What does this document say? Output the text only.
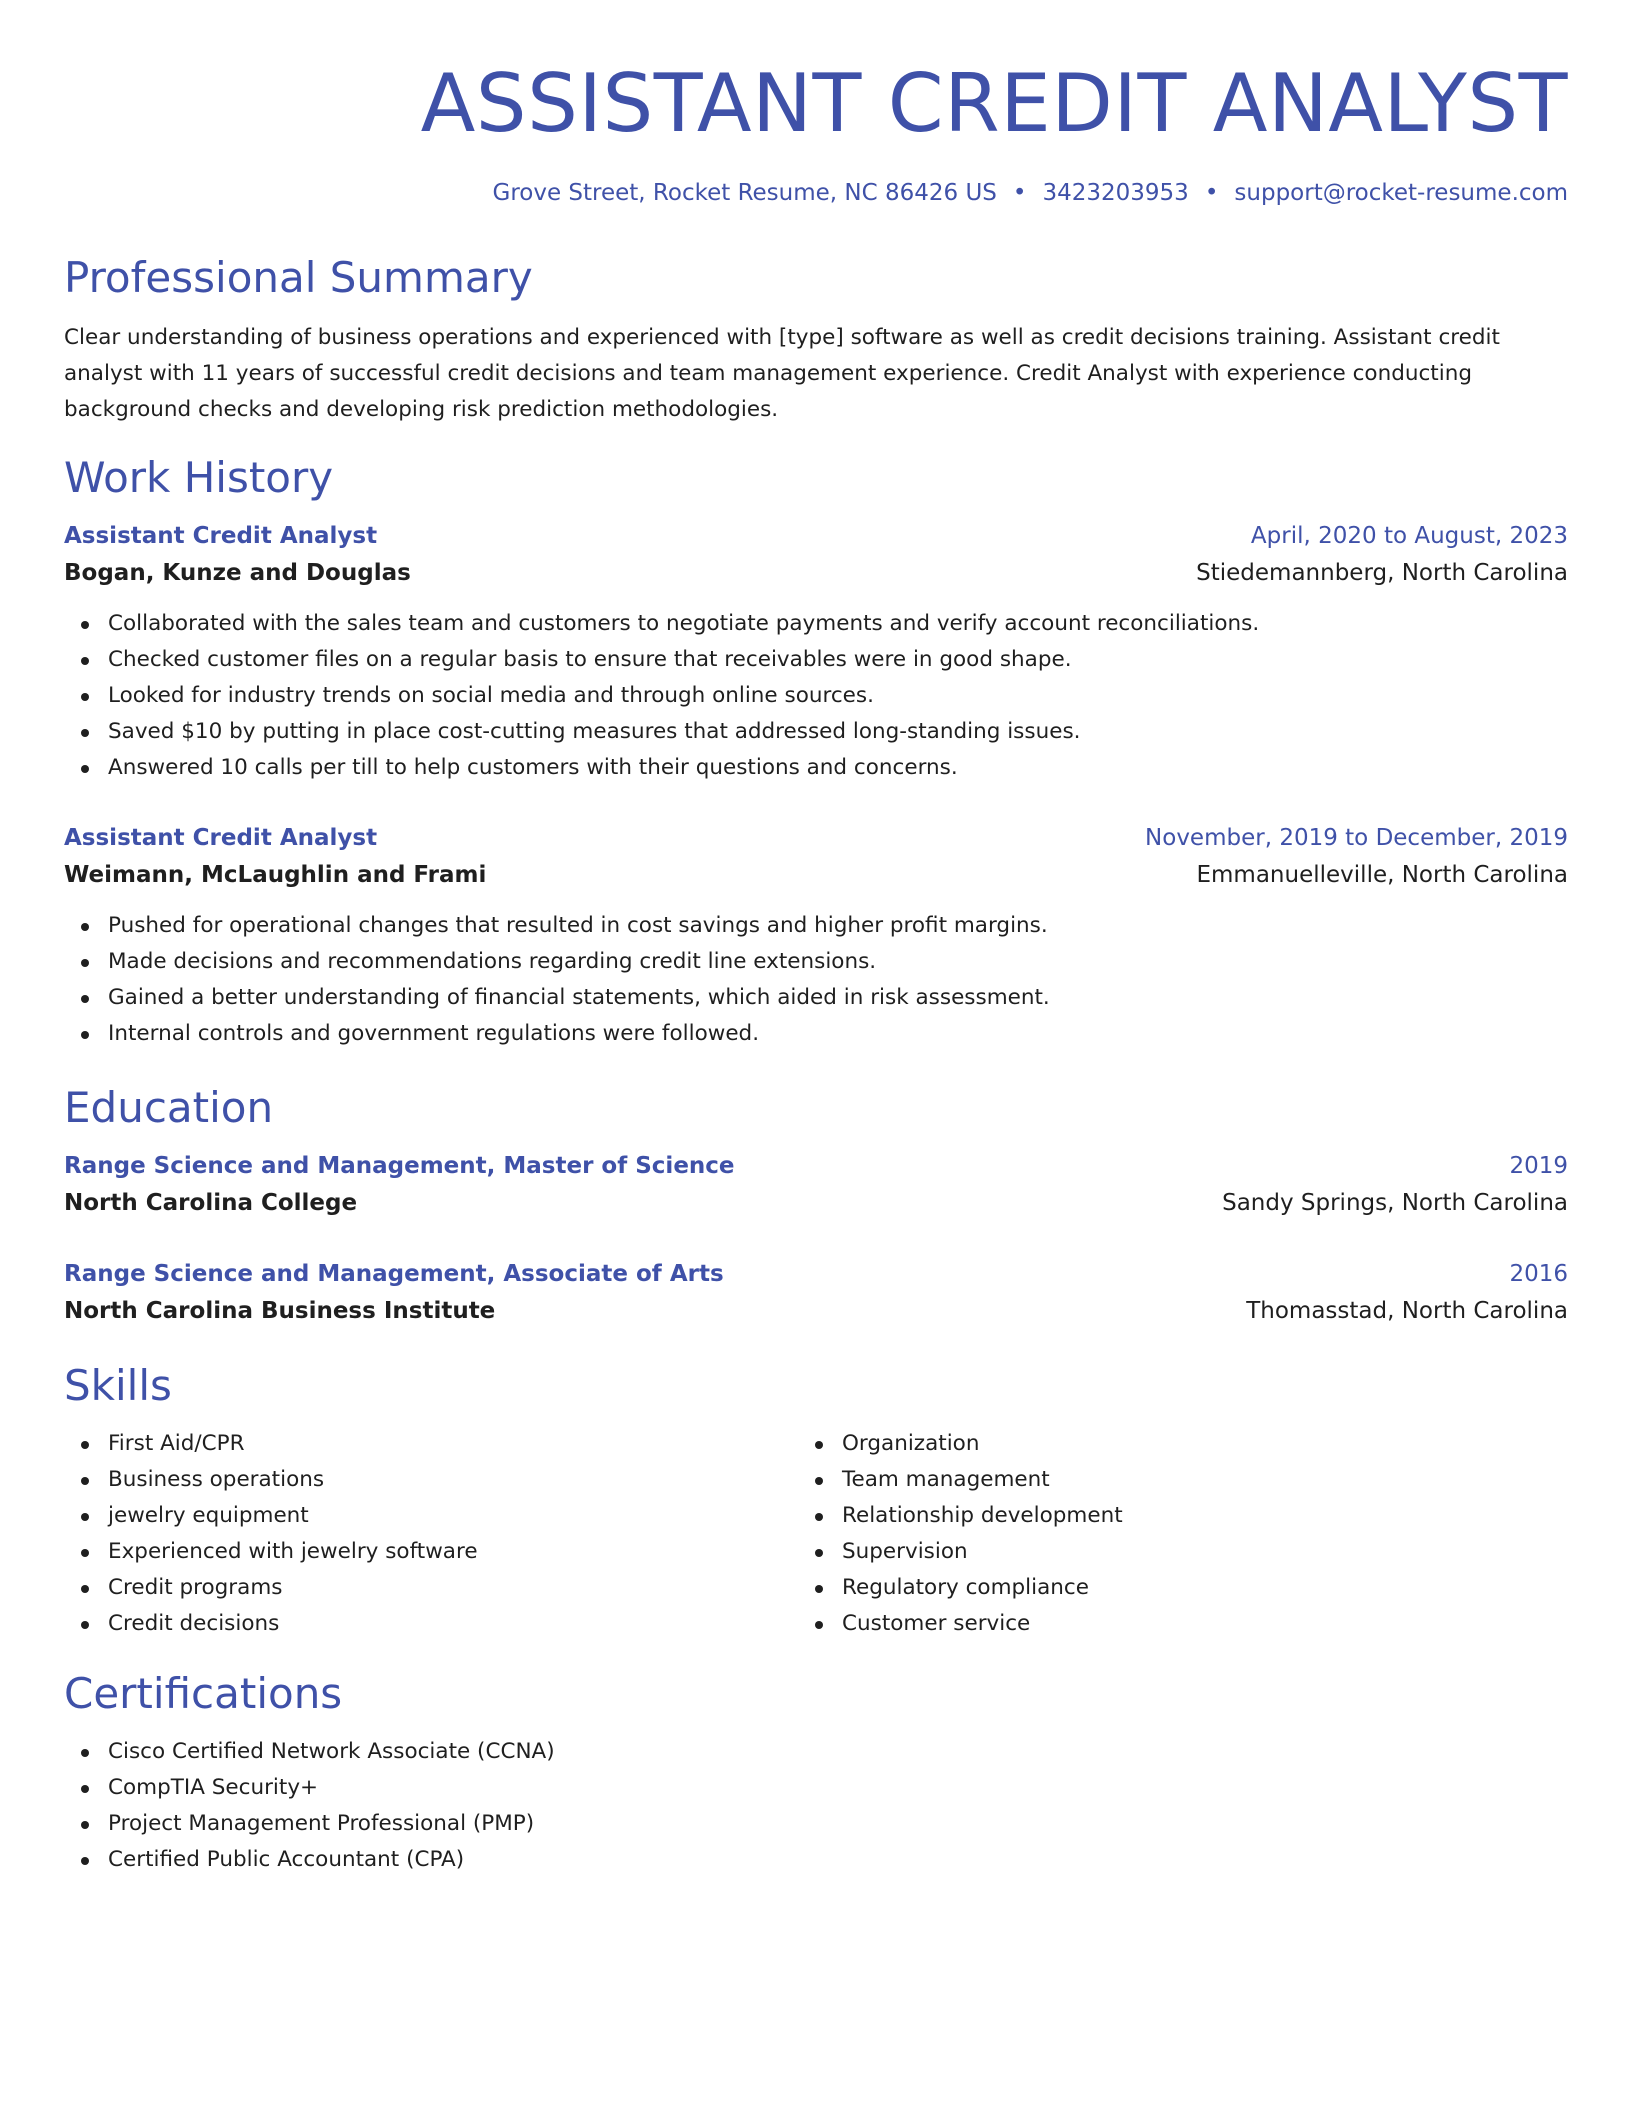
ASSISTANT CREDIT ANALYST
Grove Street, Rocket Resume, NC 86426 US • 3423203953 • support@rocket-resume.com
Professional Summary
Clear understanding of business operations and experienced with [type] software as well as credit decisions training. Assistant credit analyst with 11 years of successful credit decisions and team management experience. Credit Analyst with experience conducting background checks and developing risk prediction methodologies.
Work History
Assistant Credit Analyst	April, 2020 to August, 2023
Bogan, Kunze and Douglas	Stiedemannberg, North Carolina
Collaborated with the sales team and customers to negotiate payments and verify account reconciliations.
Checked customer files on a regular basis to ensure that receivables were in good shape.
Looked for industry trends on social media and through online sources.
Saved $10 by putting in place cost-cutting measures that addressed long-standing issues.
Answered 10 calls per till to help customers with their questions and concerns.
Assistant Credit Analyst	November, 2019 to December, 2019
Weimann, McLaughlin and Frami	Emmanuelleville, North Carolina
Pushed for operational changes that resulted in cost savings and higher profit margins.
Made decisions and recommendations regarding credit line extensions.
Gained a better understanding of financial statements, which aided in risk assessment.
Internal controls and government regulations were followed.
Education
Range Science and Management, Master of Science	2019
North Carolina College	Sandy Springs, North Carolina
Range Science and Management, Associate of Arts	2016
North Carolina Business Institute	Thomasstad, North Carolina
Skills
First Aid/CPR
Business operations
jewelry equipment
Experienced with jewelry software
Credit programs
Credit decisions
Organization
Team management
Relationship development
Supervision
Regulatory compliance
Customer service
Certifications
Cisco Certified Network Associate (CCNA)
CompTIA Security+
Project Management Professional (PMP)
Certified Public Accountant (CPA)
